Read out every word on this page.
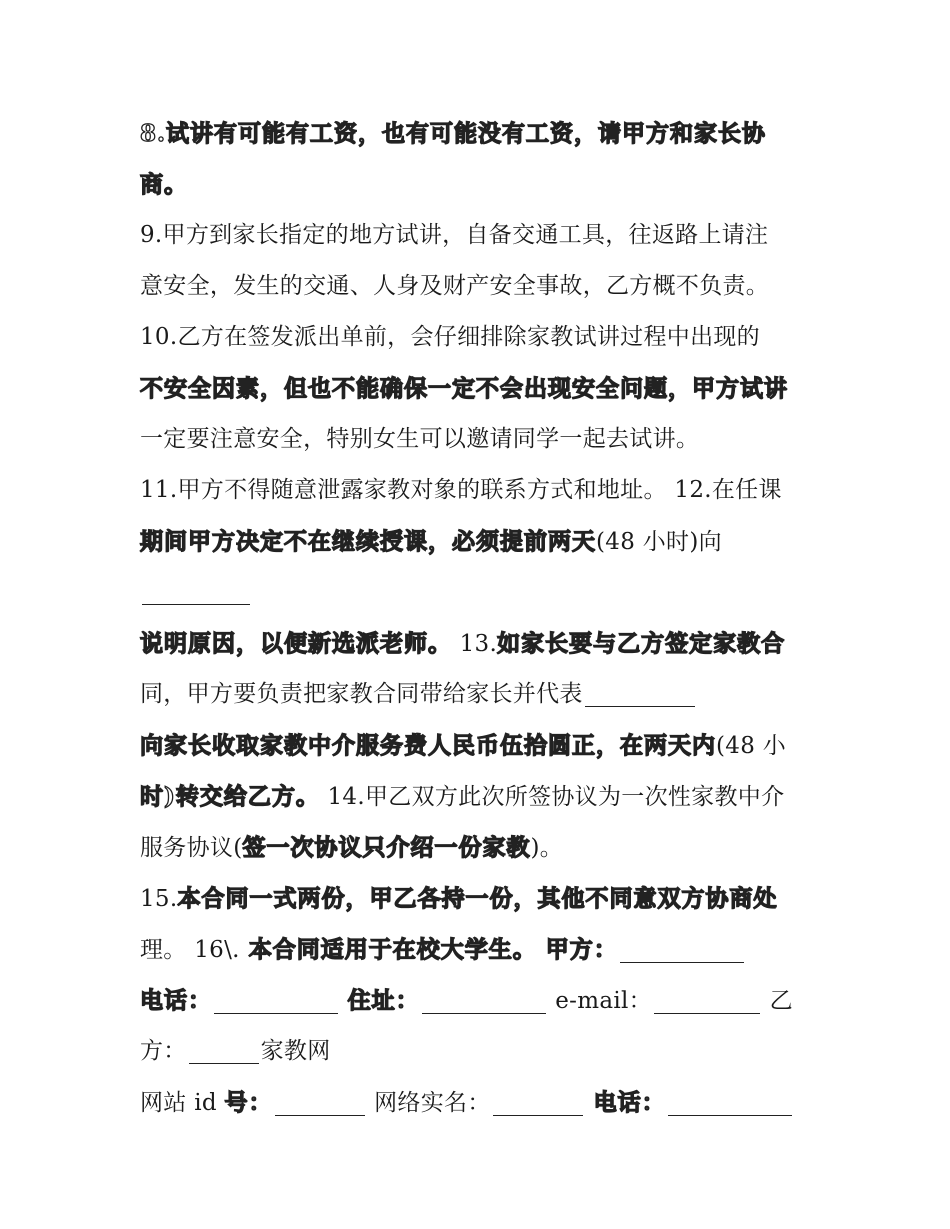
8.试讲有可能有工资，也有可能没有工资，请甲方和家长协
商。
9.甲方到家长指定的地方试讲，自备交通工具，往返路上请注
意安全，发生的交通、人身及财产安全事故，乙方概不负责。
10.乙方在签发派出单前，会仔细排除家教试讲过程中出现的
不安全因素，但也不能确保一定不会出现安全问题，甲方试讲
一定要注意安全，特别女生可以邀请同学一起去试讲。
11.甲方不得随意泄露家教对象的联系方式和地址。 12.在任课
期间甲方决定不在继续授课，必须提前两天(48 小时)向
说明原因，以便新选派老师。 13.如家长要与乙方签定家教合
同，甲方要负责把家教合同带给家长并代表
向家长收取家教中介服务费人民币伍拾圆正，在两天内(48 小
时)转交给乙方。 14.甲乙双方此次所签协议为一次性家教中介
服务协议(签一次协议只介绍一份家教)。
15.本合同一式两份，甲乙各持一份，其他不同意双方协商处
理。 16\. 本合同适用于在校大学生。 甲方：
电话：	住址：	e-mail：	乙
方：	家教网
网站 id 号：	网络实名：	电话：
